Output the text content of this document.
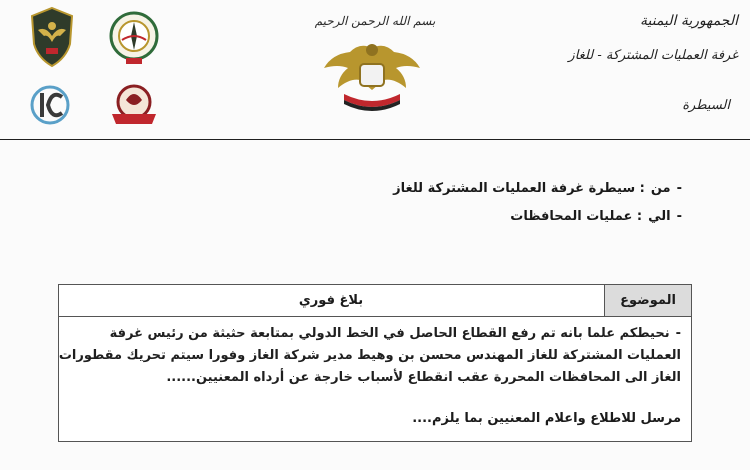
بسم الله الرحمن الرحيم	الجمهورية اليمنية
غرفة العمليات المشتركة - للغاز
السيطرة
-من: سيطرة غرفة العمليات المشتركة للغاز
-الي: عمليات المحافظات
بلاغ فوري	الموضوع

-نحيطكم علما بانه تم رفع القطاع الحاصل في الخط الدولي بمتابعة حثيثة من رئيس غرفة

العمليات المشتركة للغاز المهندس محسن بن وهيط مدير شركة الغاز وفورا سيتم تحريك مقطورات

الغاز الى المحافظات المحررة عقب انقطاع لأسباب خارجة عن أرداه المعنيين......

مرسل للاطلاع واعلام المعنيين بما يلزم....
